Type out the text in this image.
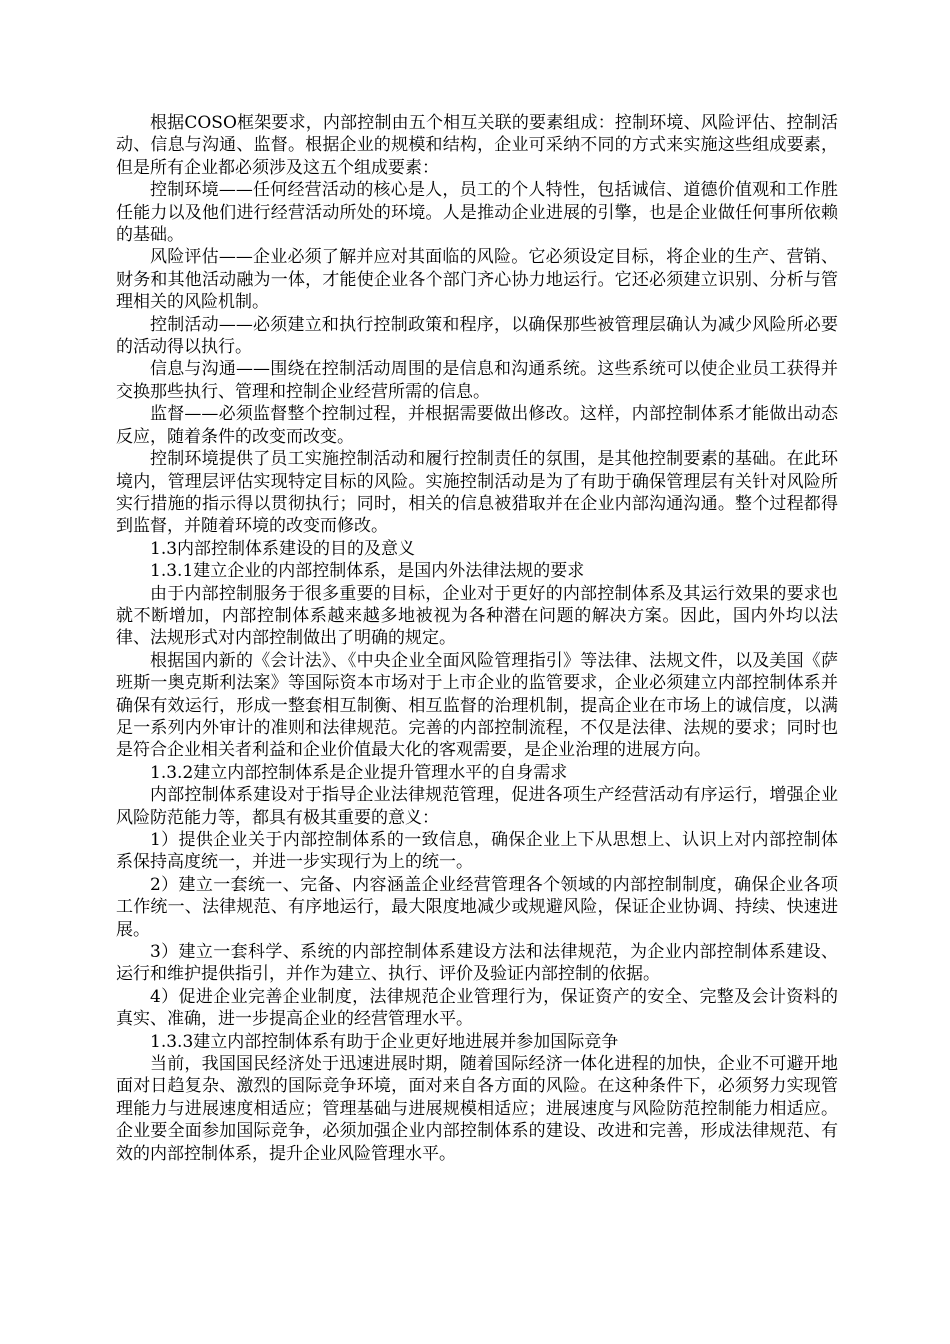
根据COSO框架要求，内部控制由五个相互关联的要素组成：控制环境、风险评估、控制活动、信息与沟通、监督。根据企业的规模和结构，企业可采纳不同的方式来实施这些组成要素，但是所有企业都必须涉及这五个组成要素：

控制环境——任何经营活动的核心是人，员工的个人特性，包括诚信、道德价值观和工作胜任能力以及他们进行经营活动所处的环境。人是推动企业进展的引擎，也是企业做任何事所依赖的基础。

风险评估——企业必须了解并应对其面临的风险。它必须设定目标，将企业的生产、营销、财务和其他活动融为一体，才能使企业各个部门齐心协力地运行。它还必须建立识别、分析与管理相关的风险机制。

控制活动——必须建立和执行控制政策和程序，以确保那些被管理层确认为减少风险所必要的活动得以执行。

信息与沟通——围绕在控制活动周围的是信息和沟通系统。这些系统可以使企业员工获得并交换那些执行、管理和控制企业经营所需的信息。

监督——必须监督整个控制过程，并根据需要做出修改。这样，内部控制体系才能做出动态反应，随着条件的改变而改变。

控制环境提供了员工实施控制活动和履行控制责任的氛围，是其他控制要素的基础。在此环境内，管理层评估实现特定目标的风险。实施控制活动是为了有助于确保管理层有关针对风险所实行措施的指示得以贯彻执行；同时，相关的信息被猎取并在企业内部沟通沟通。整个过程都得到监督，并随着环境的改变而修改。

1.3内部控制体系建设的目的及意义

1.3.1建立企业的内部控制体系，是国内外法律法规的要求

由于内部控制服务于很多重要的目标，企业对于更好的内部控制体系及其运行效果的要求也就不断增加，内部控制体系越来越多地被视为各种潜在问题的解决方案。因此，国内外均以法律、法规形式对内部控制做出了明确的规定。

根据国内新的《会计法》、《中央企业全面风险管理指引》等法律、法规文件，以及美国《萨班斯一奥克斯利法案》等国际资本市场对于上市企业的监管要求，企业必须建立内部控制体系并确保有效运行，形成一整套相互制衡、相互监督的治理机制，提高企业在市场上的诚信度，以满足一系列内外审计的准则和法律规范。完善的内部控制流程，不仅是法律、法规的要求；同时也是符合企业相关者利益和企业价值最大化的客观需要，是企业治理的进展方向。

1.3.2建立内部控制体系是企业提升管理水平的自身需求

内部控制体系建设对于指导企业法律规范管理，促进各项生产经营活动有序运行，增强企业风险防范能力等，都具有极其重要的意义：

1）提供企业关于内部控制体系的一致信息，确保企业上下从思想上、认识上对内部控制体系保持高度统一，并进一步实现行为上的统一。

2）建立一套统一、完备、内容涵盖企业经营管理各个领域的内部控制制度，确保企业各项工作统一、法律规范、有序地运行，最大限度地减少或规避风险，保证企业协调、持续、快速进展。

3）建立一套科学、系统的内部控制体系建设方法和法律规范，为企业内部控制体系建设、运行和维护提供指引，并作为建立、执行、评价及验证内部控制的依据。

4）促进企业完善企业制度，法律规范企业管理行为，保证资产的安全、完整及会计资料的真实、准确，进一步提高企业的经营管理水平。

1.3.3建立内部控制体系有助于企业更好地进展并参加国际竞争

当前，我国国民经济处于迅速进展时期，随着国际经济一体化进程的加快，企业不可避开地面对日趋复杂、激烈的国际竞争环境，面对来自各方面的风险。在这种条件下，必须努力实现管理能力与进展速度相适应；管理基础与进展规模相适应；进展速度与风险防范控制能力相适应。企业要全面参加国际竞争，必须加强企业内部控制体系的建设、改进和完善，形成法律规范、有效的内部控制体系，提升企业风险管理水平。
